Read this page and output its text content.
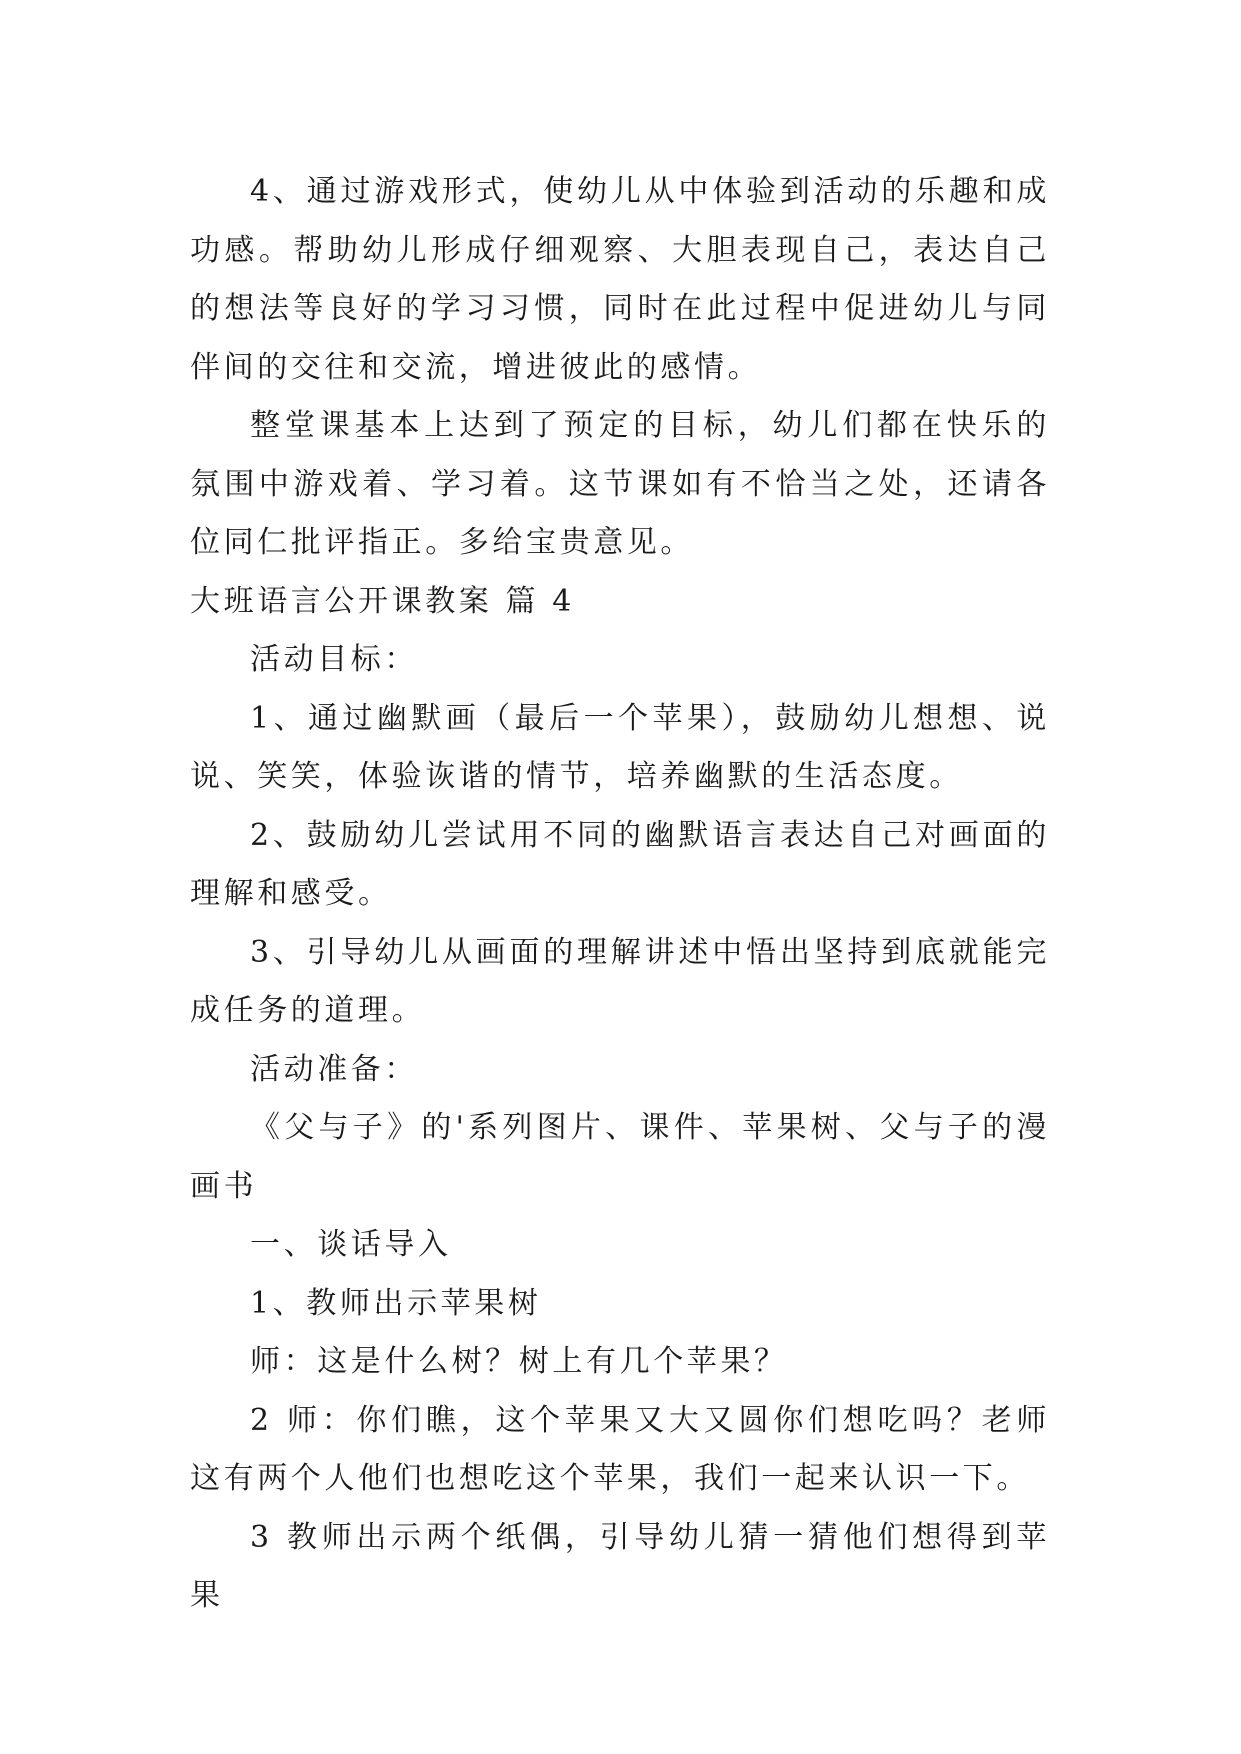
4、通过游戏形式，使幼儿从中体验到活动的乐趣和成功感。帮助幼儿形成仔细观察、大胆表现自己，表达自己的想法等良好的学习习惯，同时在此过程中促进幼儿与同伴间的交往和交流，增进彼此的感情。

整堂课基本上达到了预定的目标，幼儿们都在快乐的氛围中游戏着、学习着。这节课如有不恰当之处，还请各位同仁批评指正。多给宝贵意见。

大班语言公开课教案 篇 4

活动目标：

1、通过幽默画（最后一个苹果），鼓励幼儿想想、说说、笑笑，体验诙谐的情节，培养幽默的生活态度。

2、鼓励幼儿尝试用不同的幽默语言表达自己对画面的理解和感受。

3、引导幼儿从画面的理解讲述中悟出坚持到底就能完成任务的道理。

活动准备：

《父与子》的'系列图片、课件、苹果树、父与子的漫画书

一、谈话导入

1、教师出示苹果树

师：这是什么树？树上有几个苹果？

2 师：你们瞧，这个苹果又大又圆你们想吃吗？老师这有两个人他们也想吃这个苹果，我们一起来认识一下。

3 教师出示两个纸偶，引导幼儿猜一猜他们想得到苹果
